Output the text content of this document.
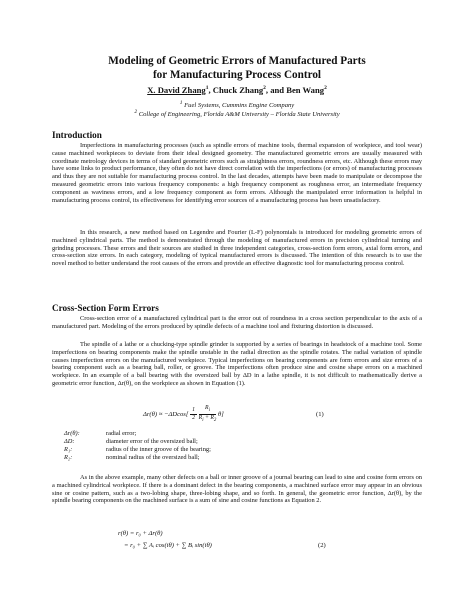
Modeling of Geometric Errors of Manufactured Parts
for Manufacturing Process Control
X. David Zhang$^1$, Chuck Zhang$^2$, and Ben Wang$^2$
$^1$ Fuel Systems, Cummins Engine Company
$^2$ College of Engineering, Florida A&M University – Florida State University
Introduction
Imperfections in manufacturing processes (such as spindle errors of machine tools, thermal expansion of workpiece, and tool wear) cause machined workpieces to deviate from their ideal designed geometry. The manufactured geometric errors are usually measured with coordinate metrology devices in terms of standard geometric errors such as straightness errors, roundness errors, etc. Although these errors may have some links to product performance, they often do not have direct correlation with the imperfections (or errors) of manufacturing processes and thus they are not suitable for manufacturing process control. In the last decades, attempts have been made to manipulate or decompose the measured geometric errors into various frequency components: a high frequency component as roughness error, an intermediate frequency component as waviness errors, and a low frequency component as form errors. Although the manipulated error information is helpful in manufacturing process control, its effectiveness for identifying error sources of a manufacturing process has been unsatisfactory.
In this research, a new method based on Legendre and Fourier (L-F) polynomials is introduced for modeling geometric errors of machined cylindrical parts. The method is demonstrated through the modeling of manufactured errors in precision cylindrical turning and grinding processes. These errors and their sources are studied in three independent categories, cross-section form errors, axial form errors, and cross-section size errors. In each category, modeling of typical manufactured errors is discussed. The intention of this research is to use the novel method to better understand the root causes of the errors and provide an effective diagnostic tool for manufacturing process control.
Cross-Section Form Errors
Cross-section error of a manufactured cylindrical part is the error out of roundness in a cross section perpendicular to the axis of a manufactured part. Modeling of the errors produced by spindle defects of a machine tool and fixturing distortion is discussed.
The spindle of a lathe or a chucking-type spindle grinder is supported by a series of bearings in headstock of a machine tool. Some imperfections on bearing components make the spindle unstable in the radial direction as the spindle rotates. The radial variation of spindle causes imperfection errors on the manufactured workpiece. Typical imperfections on bearing components are form errors and size errors of a bearing component such as a bearing ball, roller, or groove. The imperfections often produce sine and cosine shape errors on a machined workpiece. In an example of a ball bearing with the oversized ball by ΔD in a lathe spindle, it is not difficult to mathematically derive a geometric error function, Δr(θ), on the workpiece as shown in Equation (1).
$\Delta r(\theta) \approx -\Delta Dcos[ \frac{1}{2}$
$\frac{R_i}{R_i + R_2} \theta$]	(1)
Δr(θ):	radial error;
ΔD:	diameter error of the oversized ball;
R₁:	radius of the inner groove of the bearing;
R₂:	nominal radius of the oversized ball;
As in the above example, many other defects on a ball or inner groove of a journal bearing can lead to sine and cosine form errors on a machined cylindrical workpiece. If there is a dominant defect in the bearing components, a machined surface error may appear in an obvious sine or cosine pattern, such as a two-lobing shape, three-lobing shape, and so forth. In general, the geometric error function, Δr(θ), by the spindle bearing components on the machined surface is a sum of sine and cosine functions as Equation 2.
r(θ) = r₀ + Δr(θ)
= r₀ + ∑ Aᵢ cos(iθ) + ∑ Bᵢ sin(iθ)	(2)
